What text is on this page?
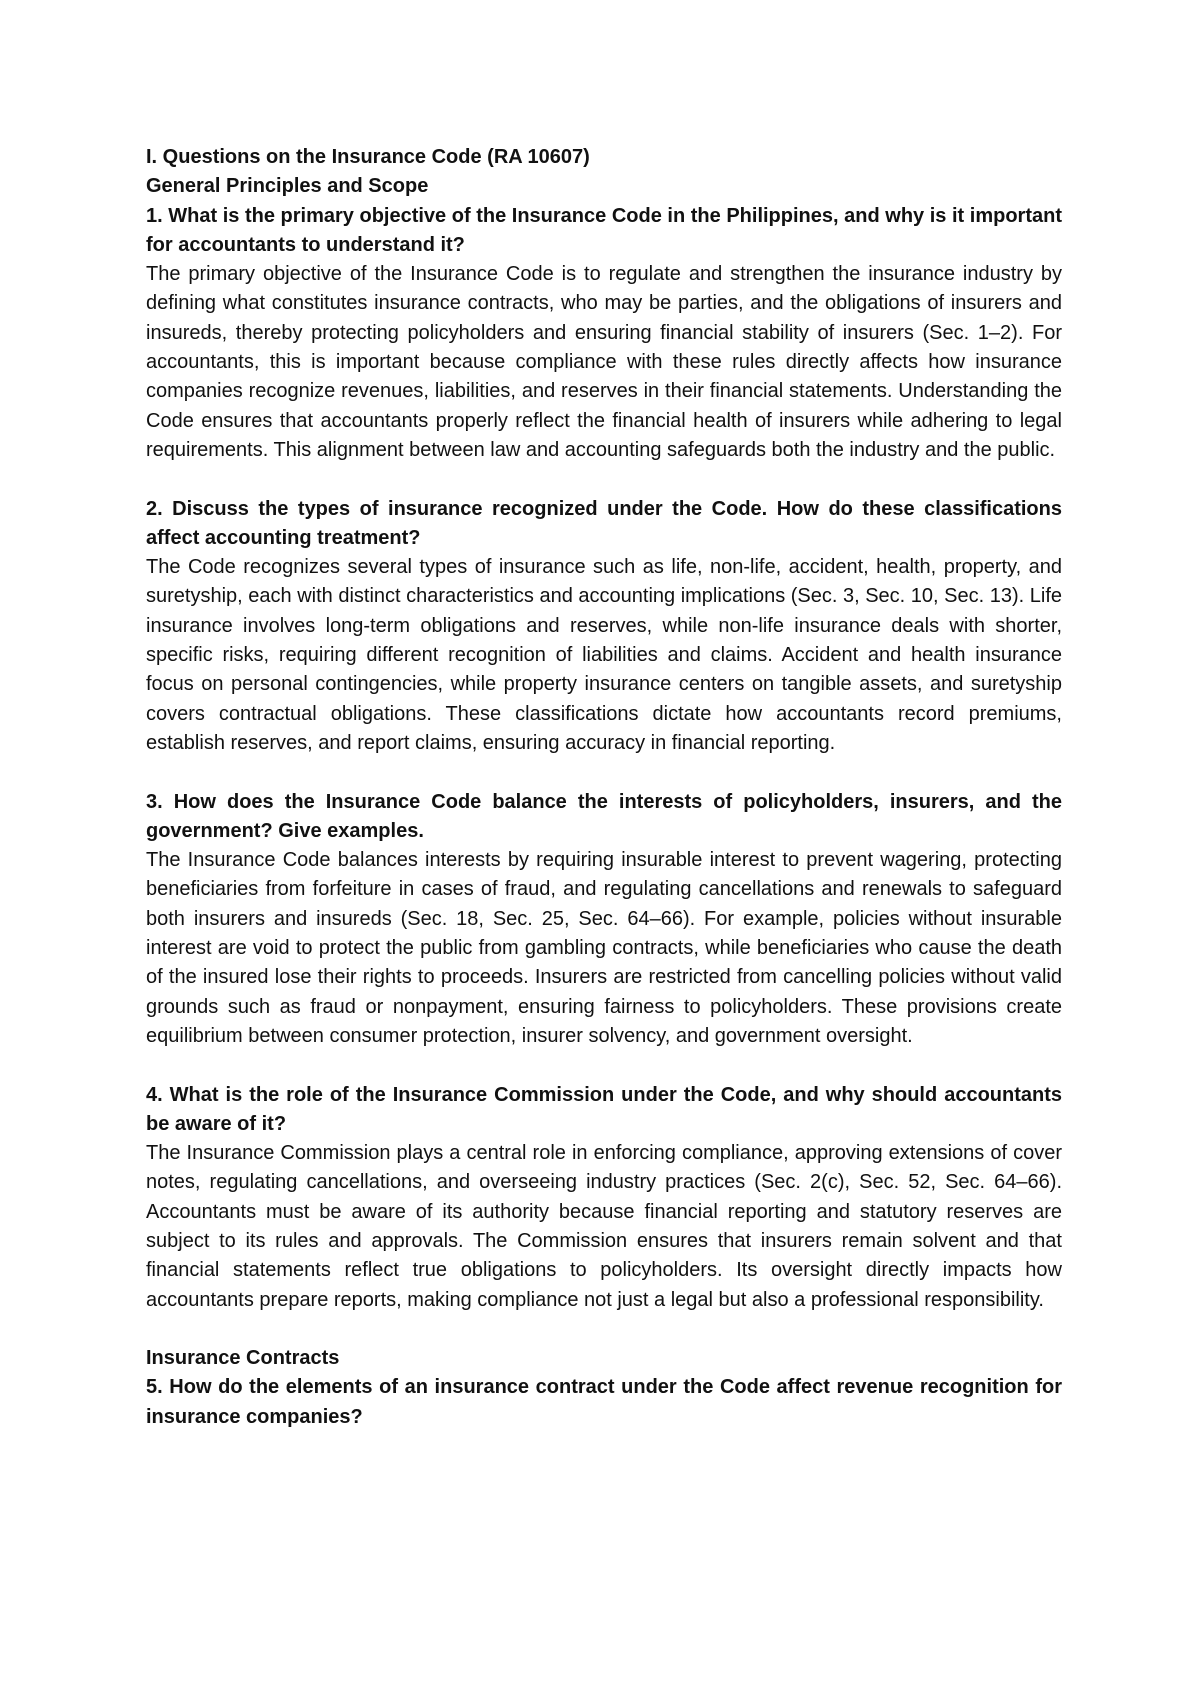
I. Questions on the Insurance Code (RA 10607)

General Principles and Scope

1. What is the primary objective of the Insurance Code in the Philippines, and why is it important for accountants to understand it?

The primary objective of the Insurance Code is to regulate and strengthen the insurance industry by defining what constitutes insurance contracts, who may be parties, and the obligations of insurers and insureds, thereby protecting policyholders and ensuring financial stability of insurers (Sec. 1–2). For accountants, this is important because compliance with these rules directly affects how insurance companies recognize revenues, liabilities, and reserves in their financial statements. Understanding the Code ensures that accountants properly reflect the financial health of insurers while adhering to legal requirements. This alignment between law and accounting safeguards both the industry and the public.

2. Discuss the types of insurance recognized under the Code. How do these classifications affect accounting treatment?

The Code recognizes several types of insurance such as life, non-life, accident, health, property, and suretyship, each with distinct characteristics and accounting implications (Sec. 3, Sec. 10, Sec. 13). Life insurance involves long-term obligations and reserves, while non-life insurance deals with shorter, specific risks, requiring different recognition of liabilities and claims. Accident and health insurance focus on personal contingencies, while property insurance centers on tangible assets, and suretyship covers contractual obligations. These classifications dictate how accountants record premiums, establish reserves, and report claims, ensuring accuracy in financial reporting.

3. How does the Insurance Code balance the interests of policyholders, insurers, and the government? Give examples.

The Insurance Code balances interests by requiring insurable interest to prevent wagering, protecting beneficiaries from forfeiture in cases of fraud, and regulating cancellations and renewals to safeguard both insurers and insureds (Sec. 18, Sec. 25, Sec. 64–66). For example, policies without insurable interest are void to protect the public from gambling contracts, while beneficiaries who cause the death of the insured lose their rights to proceeds. Insurers are restricted from cancelling policies without valid grounds such as fraud or nonpayment, ensuring fairness to policyholders. These provisions create equilibrium between consumer protection, insurer solvency, and government oversight.

4. What is the role of the Insurance Commission under the Code, and why should accountants be aware of it?

The Insurance Commission plays a central role in enforcing compliance, approving extensions of cover notes, regulating cancellations, and overseeing industry practices (Sec. 2(c), Sec. 52, Sec. 64–66). Accountants must be aware of its authority because financial reporting and statutory reserves are subject to its rules and approvals. The Commission ensures that insurers remain solvent and that financial statements reflect true obligations to policyholders. Its oversight directly impacts how accountants prepare reports, making compliance not just a legal but also a professional responsibility.

Insurance Contracts

5. How do the elements of an insurance contract under the Code affect revenue recognition for insurance companies?
